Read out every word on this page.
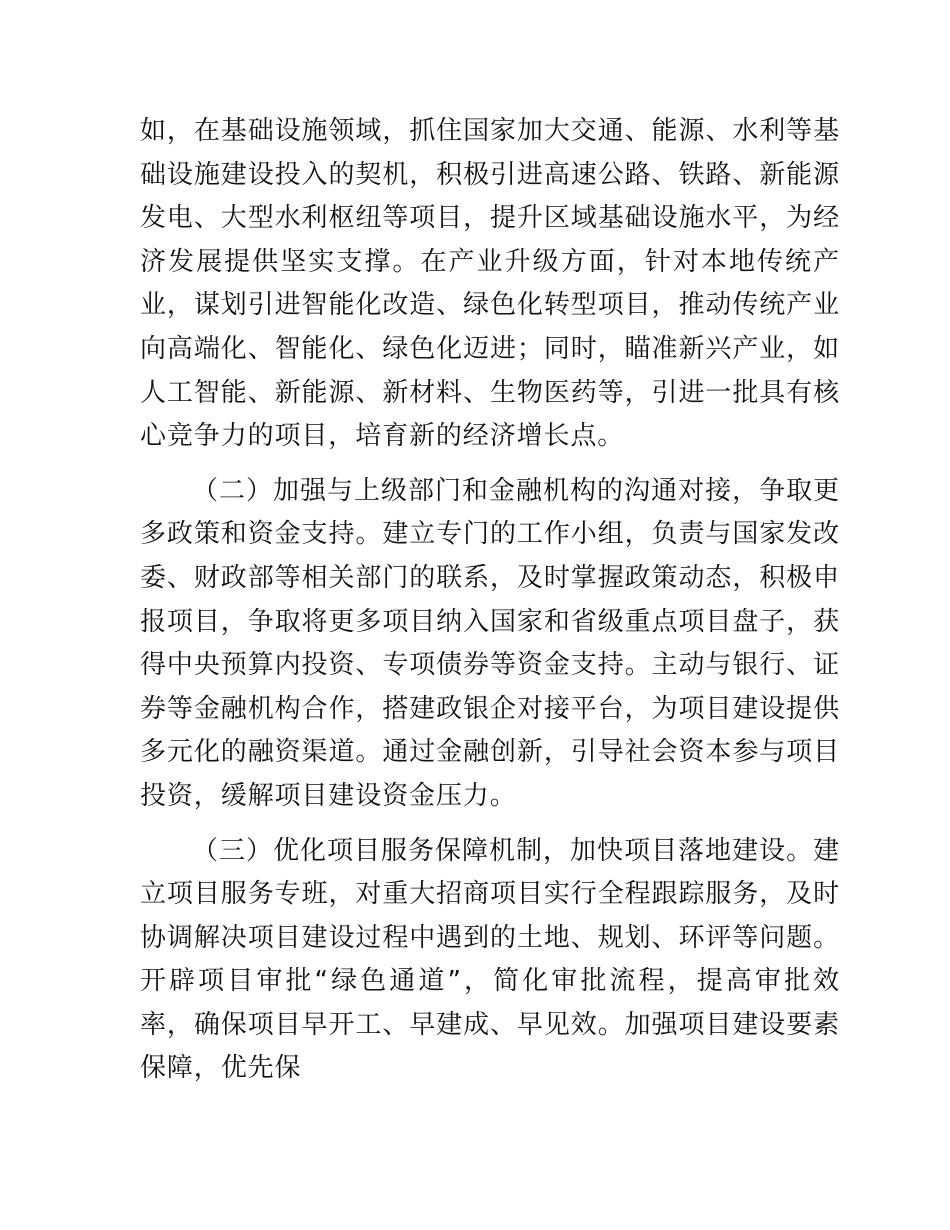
如，在基础设施领域，抓住国家加大交通、能源、水利等基础设施建设投入的契机，积极引进高速公路、铁路、新能源发电、大型水利枢纽等项目，提升区域基础设施水平，为经济发展提供坚实支撑。在产业升级方面，针对本地传统产业，谋划引进智能化改造、绿色化转型项目，推动传统产业向高端化、智能化、绿色化迈进；同时，瞄准新兴产业，如人工智能、新能源、新材料、生物医药等，引进一批具有核心竞争力的项目，培育新的经济增长点。

（二）加强与上级部门和金融机构的沟通对接，争取更多政策和资金支持。建立专门的工作小组，负责与国家发改委、财政部等相关部门的联系，及时掌握政策动态，积极申报项目，争取将更多项目纳入国家和省级重点项目盘子，获得中央预算内投资、专项债券等资金支持。主动与银行、证券等金融机构合作，搭建政银企对接平台，为项目建设提供多元化的融资渠道。通过金融创新，引导社会资本参与项目投资，缓解项目建设资金压力。

（三）优化项目服务保障机制，加快项目落地建设。建立项目服务专班，对重大招商项目实行全程跟踪服务，及时协调解决项目建设过程中遇到的土地、规划、环评等问题。开辟项目审批“绿色通道”，简化审批流程，提高审批效率，确保项目早开工、早建成、早见效。加强项目建设要素保障，优先保
